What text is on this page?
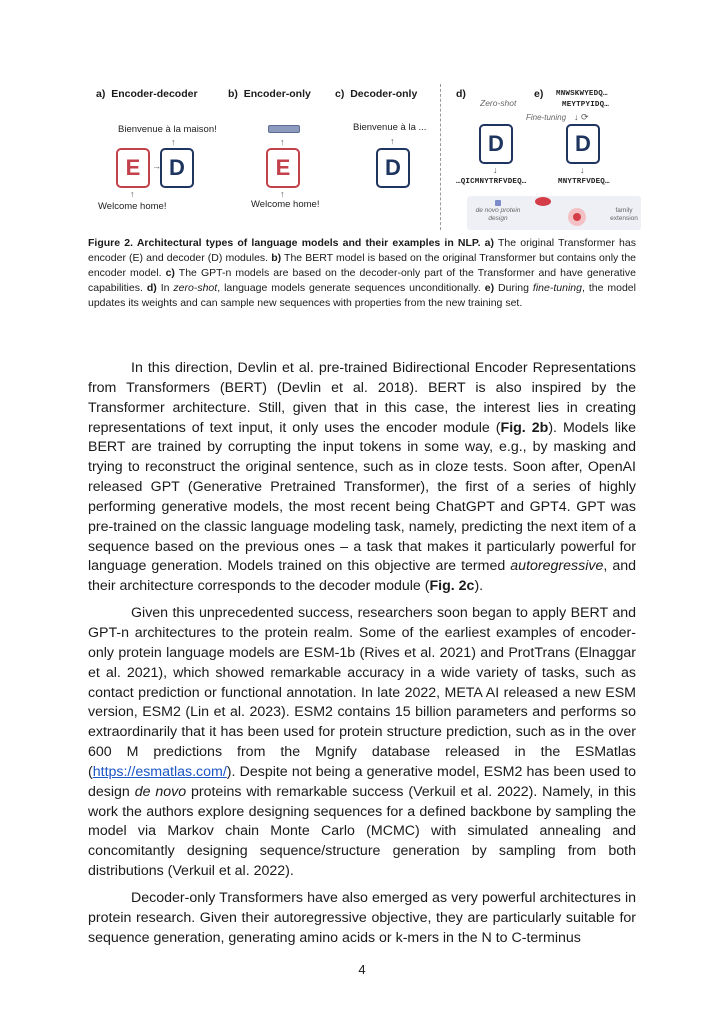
a) Encoder-decoder	b) Encoder-only c) Decoder-only	d)	e)
Bienvenue à la maison!
↑
E	→ D
↑
Welcome home!
↑
E
↑
Welcome home!
Bienvenue à la ...
↑
D
Zero-shot
D
↓
…QICMNYTRFVDEQ…
MNWSKWYEDQ…
MEYTPYIDQ…
Fine-tuning ↓ ⟳
D
↓
MNYTRFVDEQ…
de novo protein design
family extension
Figure 2. Architectural types of language models and their examples in NLP. a) The original Transformer has encoder (E) and decoder (D) modules. b) The BERT model is based on the original Transformer but contains only the encoder model. c) The GPT-n models are based on the decoder-only part of the Transformer and have generative capabilities. d) In zero-shot, language models generate sequences unconditionally. e) During fine-tuning, the model updates its weights and can sample new sequences with properties from the new training set.

In this direction, Devlin et al. pre-trained Bidirectional Encoder Representations from Transformers (BERT) (Devlin et al. 2018). BERT is also inspired by the Transformer architecture. Still, given that in this case, the interest lies in creating representations of text input, it only uses the encoder module (Fig. 2b). Models like BERT are trained by corrupting the input tokens in some way, e.g., by masking and trying to reconstruct the original sentence, such as in cloze tests. Soon after, OpenAI released GPT (Generative Pretrained Transformer), the first of a series of highly performing generative models, the most recent being ChatGPT and GPT4. GPT was pre-trained on the classic language modeling task, namely, predicting the next item of a sequence based on the previous ones – a task that makes it particularly powerful for language generation. Models trained on this objective are termed autoregressive, and their architecture corresponds to the decoder module (Fig. 2c).

Given this unprecedented success, researchers soon began to apply BERT and GPT-n architectures to the protein realm. Some of the earliest examples of encoder-only protein language models are ESM-1b (Rives et al. 2021) and ProtTrans (Elnaggar et al. 2021), which showed remarkable accuracy in a wide variety of tasks, such as contact prediction or functional annotation. In late 2022, META AI released a new ESM version, ESM2 (Lin et al. 2023). ESM2 contains 15 billion parameters and performs so extraordinarily that it has been used for protein structure prediction, such as in the over 600 M predictions from the Mgnify database released in the ESMatlas (https://esmatlas.com/). Despite not being a generative model, ESM2 has been used to design de novo proteins with remarkable success (Verkuil et al. 2022). Namely, in this work the authors explore designing sequences for a defined backbone by sampling the model via Markov chain Monte Carlo (MCMC) with simulated annealing and concomitantly designing sequence/structure generation by sampling from both distributions (Verkuil et al. 2022).

Decoder-only Transformers have also emerged as very powerful architectures in protein research. Given their autoregressive objective, they are particularly suitable for sequence generation, generating amino acids or k-mers in the N to C-terminus

4
